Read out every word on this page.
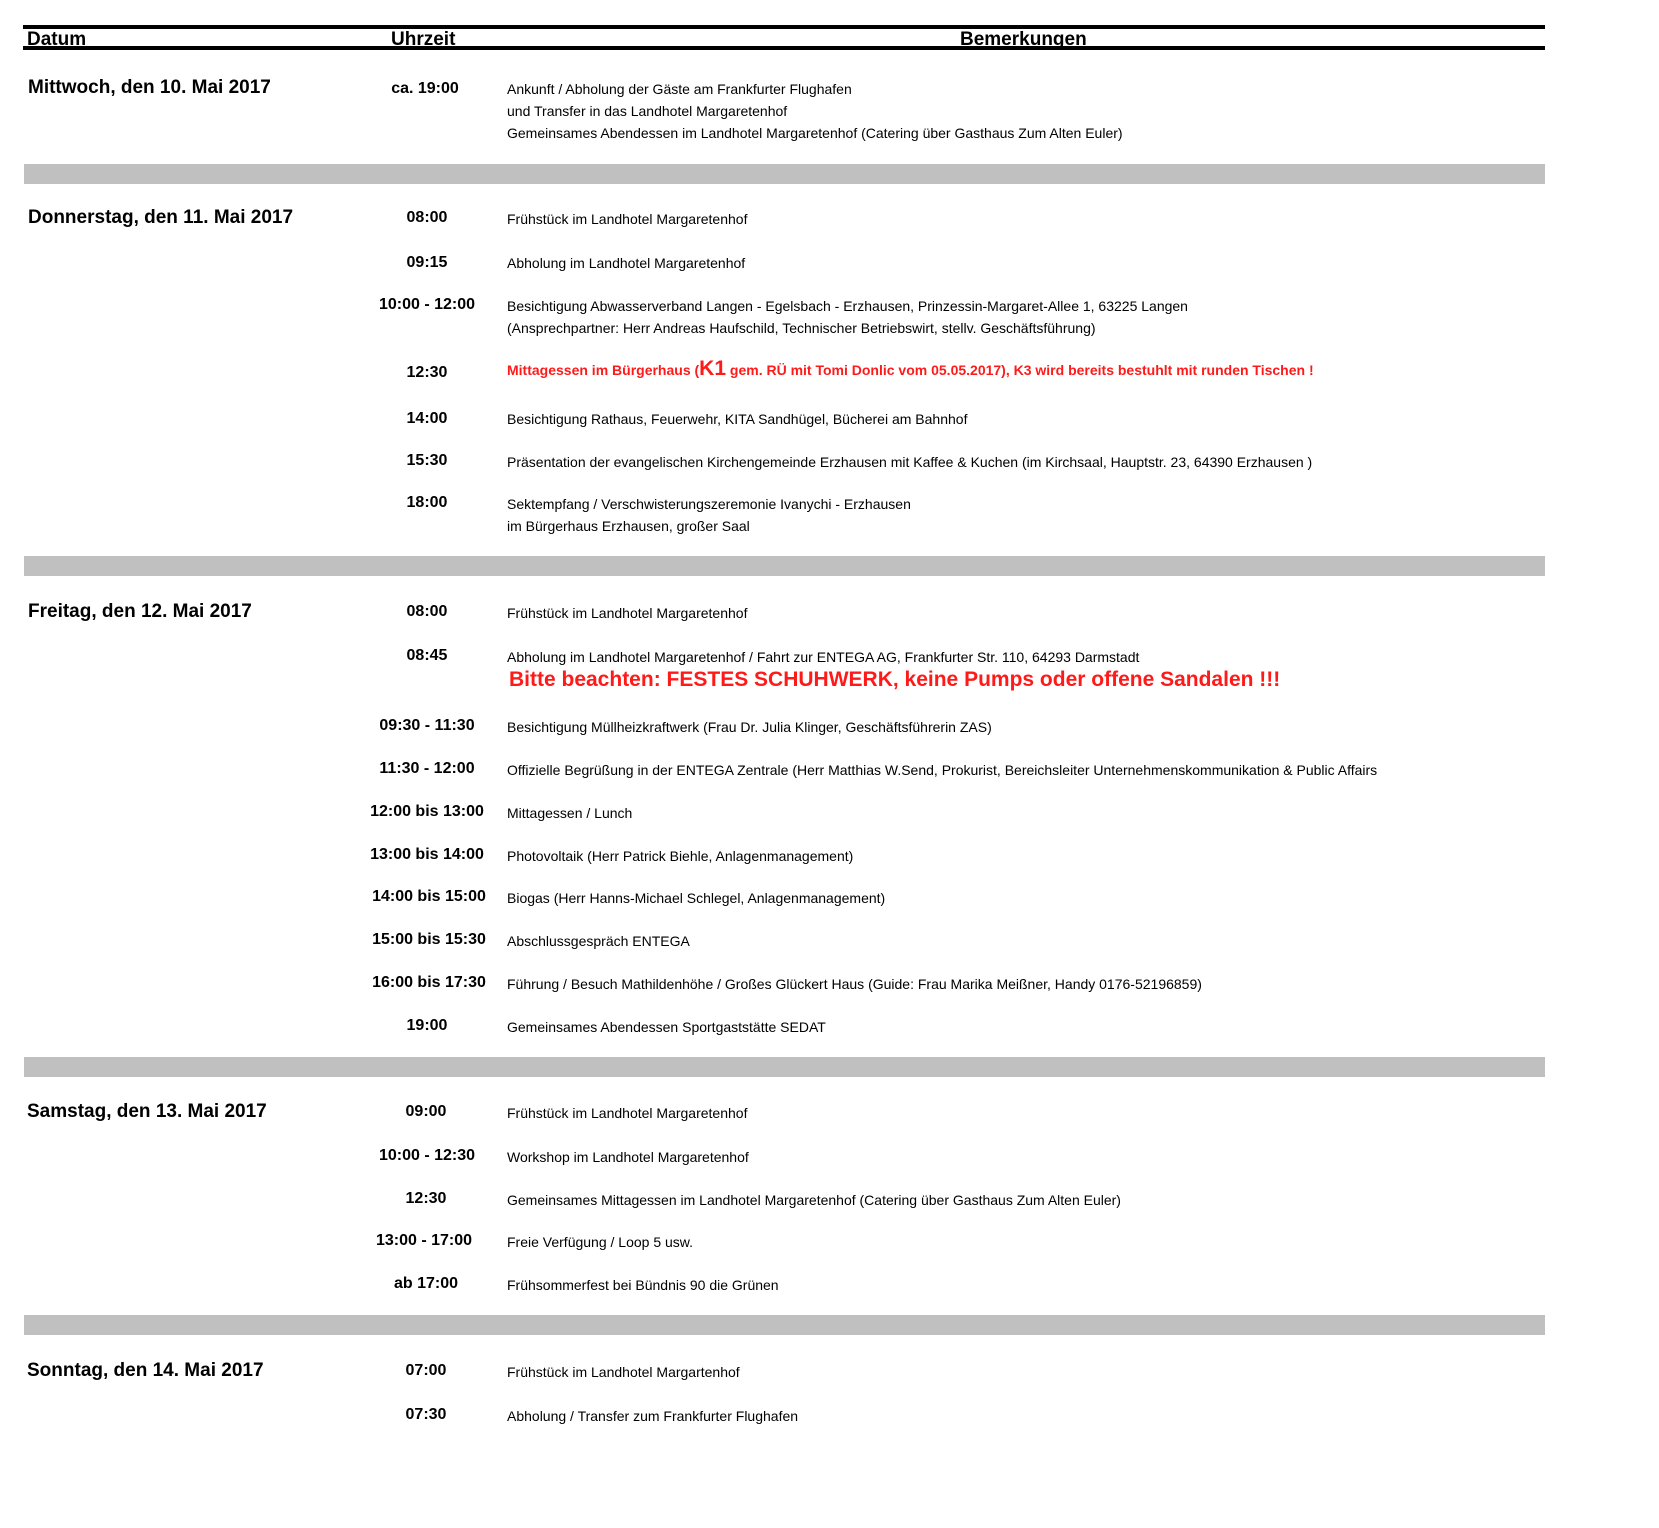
Datum	Uhrzeit	Bemerkungen
Mittwoch, den 10. Mai 2017	ca. 19:00	Ankunft / Abholung der Gäste am Frankfurter Flughafen
und Transfer in das Landhotel Margaretenhof
Gemeinsames Abendessen im Landhotel Margaretenhof (Catering über Gasthaus Zum Alten Euler)
Donnerstag, den 11. Mai 2017	08:00	Frühstück im Landhotel Margaretenhof
09:15	Abholung im Landhotel Margaretenhof
10:00 - 12:00	Besichtigung Abwasserverband Langen - Egelsbach - Erzhausen, Prinzessin-Margaret-Allee 1, 63225 Langen
(Ansprechpartner: Herr Andreas Haufschild, Technischer Betriebswirt, stellv. Geschäftsführung)
12:30	Mittagessen im Bürgerhaus (K1 gem. RÜ mit Tomi Donlic vom 05.05.2017), K3 wird bereits bestuhlt mit runden Tischen !
14:00	Besichtigung Rathaus, Feuerwehr, KITA Sandhügel, Bücherei am Bahnhof
15:30	Präsentation der evangelischen Kirchengemeinde Erzhausen mit Kaffee & Kuchen (im Kirchsaal, Hauptstr. 23, 64390 Erzhausen )
18:00	Sektempfang / Verschwisterungszeremonie Ivanychi - Erzhausen
im Bürgerhaus Erzhausen, großer Saal
Freitag, den 12. Mai 2017	08:00	Frühstück im Landhotel Margaretenhof
08:45	Abholung im Landhotel Margaretenhof / Fahrt zur ENTEGA AG, Frankfurter Str. 110, 64293 Darmstadt
Bitte beachten: FESTES SCHUHWERK, keine Pumps oder offene Sandalen !!!
09:30 - 11:30	Besichtigung Müllheizkraftwerk (Frau Dr. Julia Klinger, Geschäftsführerin ZAS)
11:30 - 12:00	Offizielle Begrüßung in der ENTEGA Zentrale (Herr Matthias W.Send, Prokurist, Bereichsleiter Unternehmenskommunikation & Public Affairs
12:00 bis 13:00	Mittagessen / Lunch
13:00 bis 14:00	Photovoltaik (Herr Patrick Biehle, Anlagenmanagement)
14:00 bis 15:00	Biogas (Herr Hanns-Michael Schlegel, Anlagenmanagement)
15:00 bis 15:30	Abschlussgespräch ENTEGA
16:00 bis 17:30	Führung / Besuch Mathildenhöhe / Großes Glückert Haus (Guide: Frau Marika Meißner, Handy 0176-52196859)
19:00	Gemeinsames Abendessen Sportgaststätte SEDAT
Samstag, den 13. Mai 2017	09:00	Frühstück im Landhotel Margaretenhof
10:00 - 12:30	Workshop im Landhotel Margaretenhof
12:30	Gemeinsames Mittagessen im Landhotel Margaretenhof (Catering über Gasthaus Zum Alten Euler)
13:00 - 17:00	Freie Verfügung / Loop 5 usw.
ab 17:00	Frühsommerfest bei Bündnis 90 die Grünen
Sonntag, den 14. Mai 2017	07:00	Frühstück im Landhotel Margartenhof
07:30	Abholung / Transfer zum Frankfurter Flughafen
